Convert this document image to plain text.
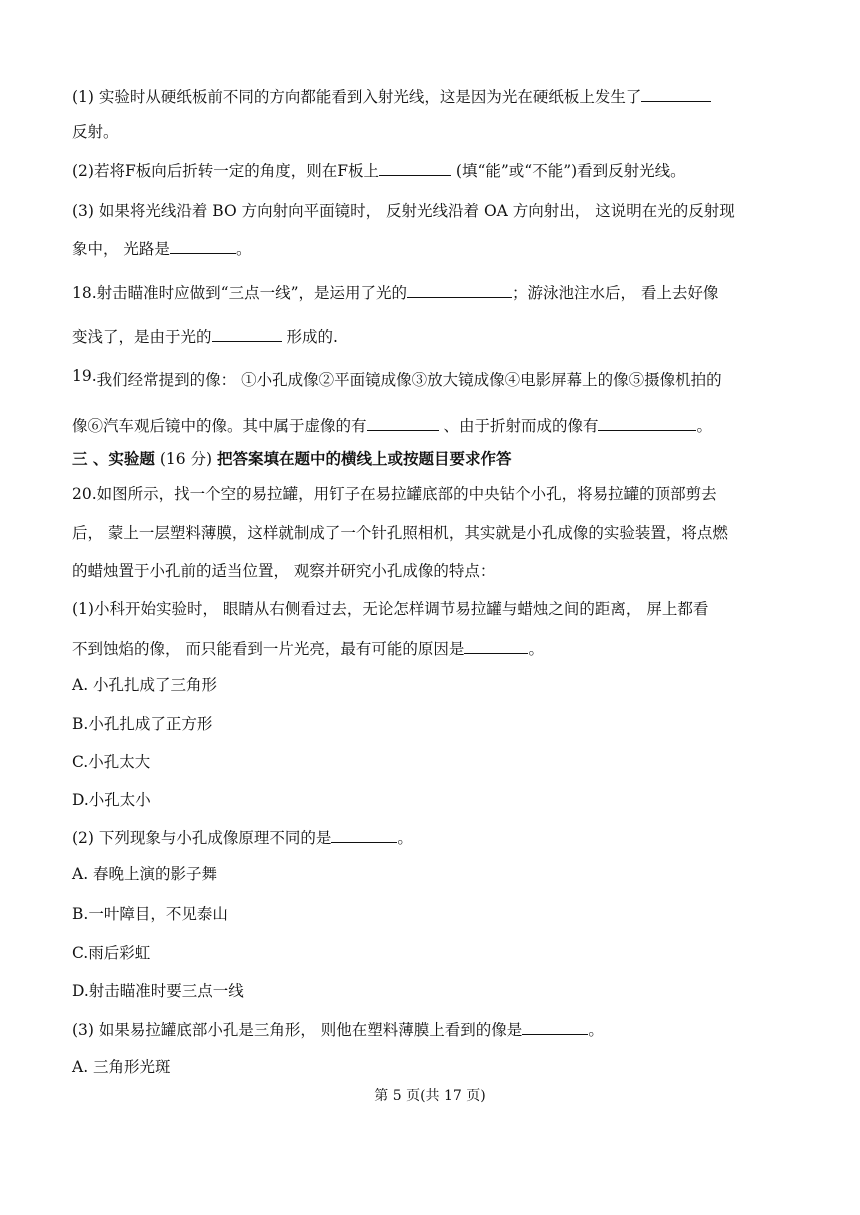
(1) 实验时从硬纸板前不同的方向都能看到入射光线，这是因为光在硬纸板上发生了
反射。
(2)若将F板向后折转一定的角度，则在F板上	(填“能”或“不能”)看到反射光线。
(3) 如果将光线沿着 BO 方向射向平面镜时， 反射光线沿着 OA 方向射出， 这说明在光的反射现
象中， 光路是	。
18.射击瞄准时应做到“三点一线”，是运用了光的	；游泳池注水后， 看上去好像
变浅了，是由于光的	形成的.
19.我们经常提到的像： ①小孔成像②平面镜成像③放大镜成像④电影屏幕上的像⑤摄像机拍的
像⑥汽车观后镜中的像。其中属于虚像的有	、由于折射而成的像有	。
三 、实验题 (16 分) 把答案填在题中的横线上或按题目要求作答
20.如图所示，找一个空的易拉罐，用钉子在易拉罐底部的中央钻个小孔，将易拉罐的顶部剪去
后， 蒙上一层塑料薄膜，这样就制成了一个针孔照相机，其实就是小孔成像的实验装置，将点燃
的蜡烛置于小孔前的适当位置， 观察并研究小孔成像的特点：
(1)小科开始实验时， 眼睛从右侧看过去，无论怎样调节易拉罐与蜡烛之间的距离， 屏上都看
不到蚀焰的像， 而只能看到一片光亮，最有可能的原因是	。
A. 小孔扎成了三角形
B.小孔扎成了正方形
C.小孔太大
D.小孔太小
(2) 下列现象与小孔成像原理不同的是	。
A. 春晚上演的影子舞
B.一叶障目，不见泰山
C.雨后彩虹
D.射击瞄准时要三点一线
(3) 如果易拉罐底部小孔是三角形， 则他在塑料薄膜上看到的像是	。
A. 三角形光斑
第 5 页(共 17 页)
